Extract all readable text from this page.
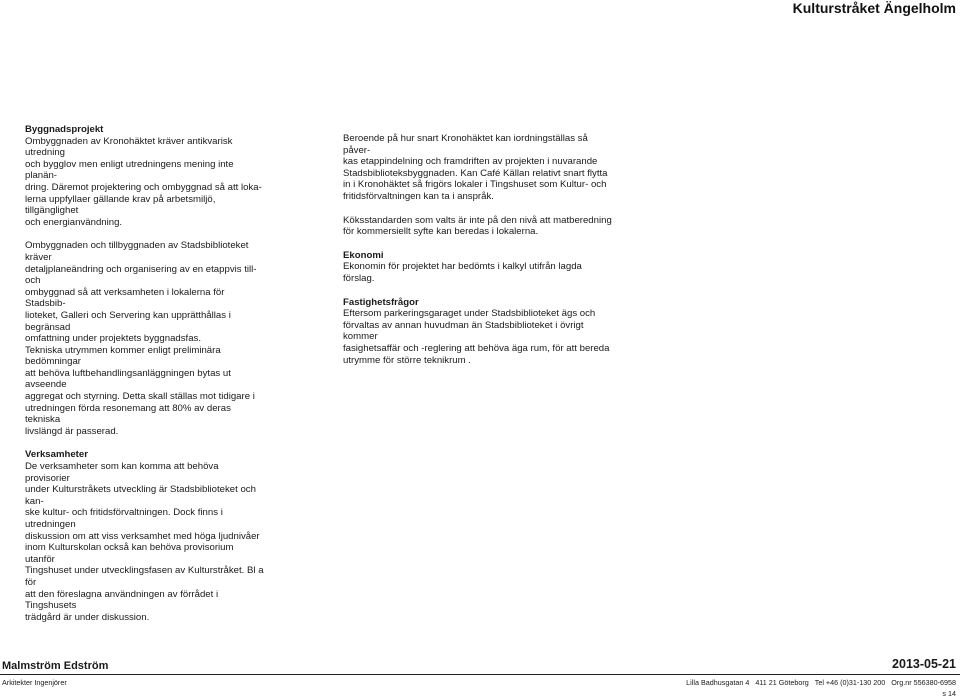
Kulturstråket Ängelholm

Byggnadsprojekt

Ombyggnaden av Kronohäktet kräver antikvarisk utredning
och bygglov men enligt utredningens mening inte planän-
dring. Däremot projektering och ombyggnad så att loka-
lerna uppfyllaer gällande krav på arbetsmiljö, tillgänglighet
och energianvändning.

Ombyggnaden och tillbyggnaden av Stadsbiblioteket kräver
detaljplaneändring och organisering av en etappvis till- och
ombyggnad så att verksamheten i lokalerna för Stadsbib-
lioteket, Galleri och Servering kan upprätthållas i begränsad
omfattning under projektets byggnadsfas.
Tekniska utrymmen kommer enligt preliminära bedömningar
att behöva luftbehandlingsanläggningen bytas ut avseende
aggregat och styrning. Detta skall ställas mot tidigare i
utredningen förda resonemang att 80% av deras tekniska
livslängd är passerad.

Verksamheter

De verksamheter som kan komma att behöva provisorier
under Kulturstråkets utveckling är Stadsbiblioteket och kan-
ske kultur- och fritidsförvaltningen. Dock finns i utredningen
diskussion om att viss verksamhet med höga ljudnivåer
inom Kulturskolan också kan behöva provisorium utanför
Tingshuset under utvecklingsfasen av Kulturstråket. Bl a för
att den föreslagna användningen av förrådet i Tingshusets
trädgård är under diskussion.

Beroende på hur snart Kronohäktet kan iordningställas så påver-
kas etappindelning och framdriften av projekten i nuvarande
Stadsbiblioteksbyggnaden. Kan Café Källan relativt snart flytta
in i Kronohäktet så frigörs lokaler i Tingshuset som Kultur- och
fritidsförvaltningen kan ta i anspråk.

Köksstandarden som valts är inte på den nivå att matberedning
för kommersiellt syfte kan beredas i lokalerna.

Ekonomi

Ekonomin för projektet har bedömts i kalkyl utifrån lagda förslag.

Fastighetsfrågor

Eftersom parkeringsgaraget under Stadsbiblioteket ägs och
förvaltas av annan huvudman än Stadsbiblioteket i övrigt kommer
fasighetsaffär och -reglering att behöva äga rum, för att bereda
utrymme för större teknikrum .

Malmström Edström	2013-05-21
Arkitekter Ingenjörer	Lilla Badhusgatan 4 411 21 Göteborg Tel +46 (0)31-130 200 Org.nr 556380-6958
s 14
